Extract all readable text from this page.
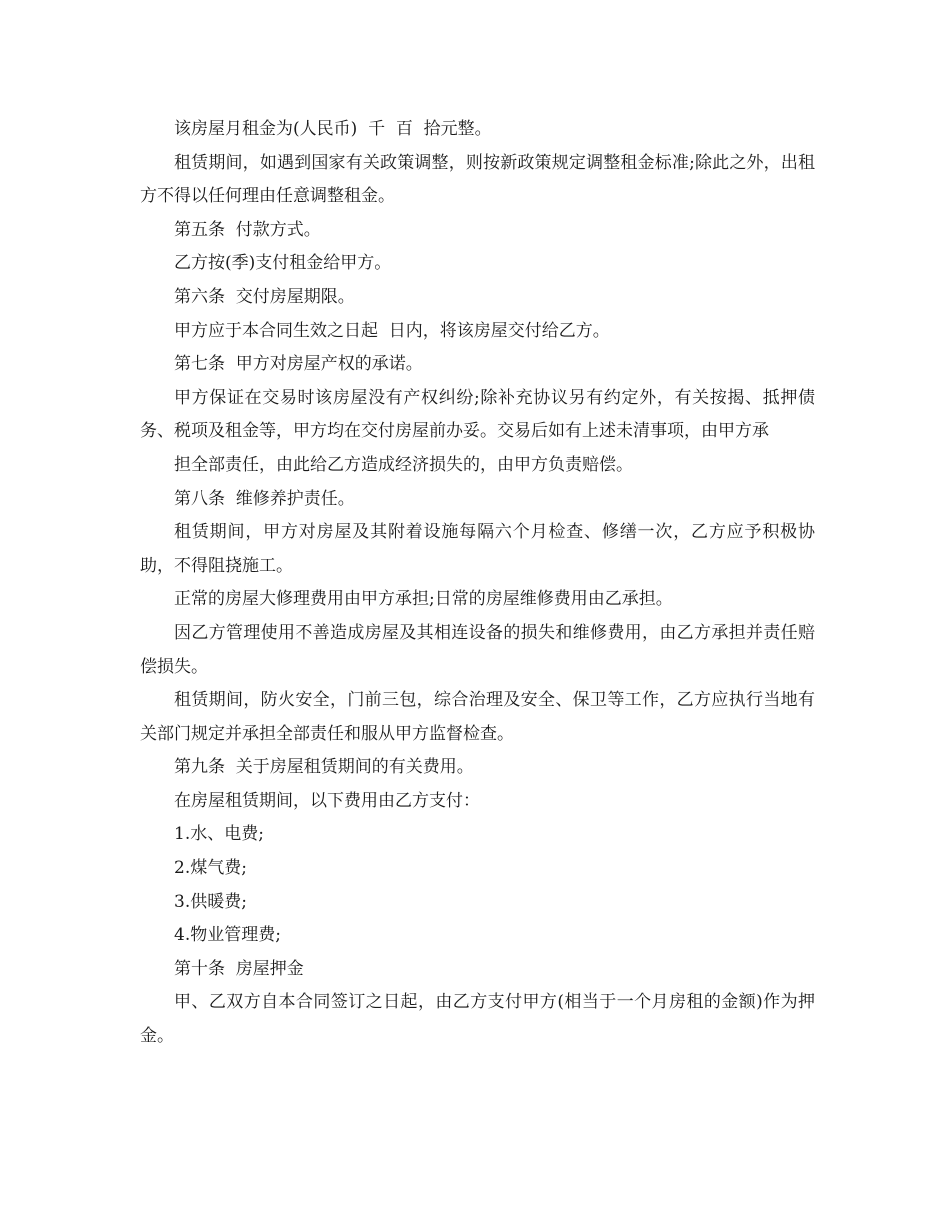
该房屋月租金为(人民币)  千  百  拾元整。

租赁期间，如遇到国家有关政策调整，则按新政策规定调整租金标准;除此之外，出租方不得以任何理由任意调整租金。

第五条  付款方式。

乙方按(季)支付租金给甲方。

第六条  交付房屋期限。

甲方应于本合同生效之日起  日内，将该房屋交付给乙方。

第七条  甲方对房屋产权的承诺。

甲方保证在交易时该房屋没有产权纠纷;除补充协议另有约定外，有关按揭、抵押债务、税项及租金等，甲方均在交付房屋前办妥。交易后如有上述未清事项，由甲方承

担全部责任，由此给乙方造成经济损失的，由甲方负责赔偿。

第八条  维修养护责任。

租赁期间，甲方对房屋及其附着设施每隔六个月检查、修缮一次，乙方应予积极协助，不得阻挠施工。

正常的房屋大修理费用由甲方承担;日常的房屋维修费用由乙承担。

因乙方管理使用不善造成房屋及其相连设备的损失和维修费用，由乙方承担并责任赔偿损失。

租赁期间，防火安全，门前三包，综合治理及安全、保卫等工作，乙方应执行当地有关部门规定并承担全部责任和服从甲方监督检查。

第九条  关于房屋租赁期间的有关费用。

在房屋租赁期间，以下费用由乙方支付：

1.水、电费;

2.煤气费;

3.供暖费;

4.物业管理费;

第十条  房屋押金

甲、乙双方自本合同签订之日起，由乙方支付甲方(相当于一个月房租的金额)作为押金。
